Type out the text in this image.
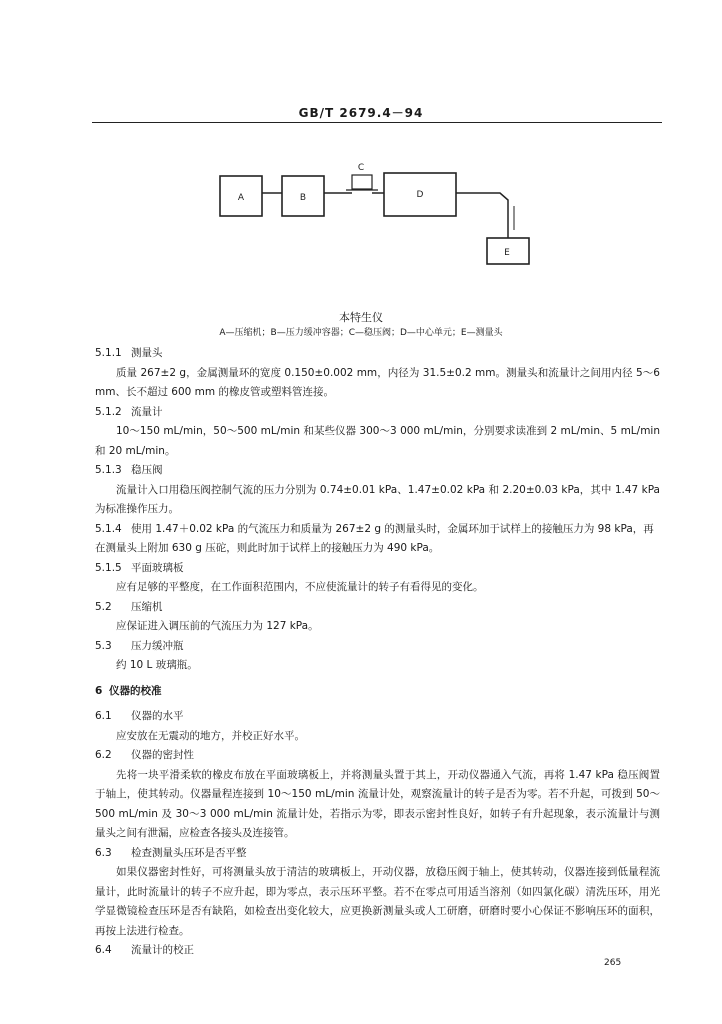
GB/T 2679.4－94
A	B
C
D
E
本特生仪
A—压缩机；B—压力缓冲容器；C—稳压阀；D—中心单元；E—测量头

5.1.1 测量头

质量 267±2 g，金属测量环的宽度 0.150±0.002 mm，内径为 31.5±0.2 mm。测量头和流量计之间用内径 5～6 mm、长不超过 600 mm 的橡皮管或塑料管连接。

5.1.2 流量计

10～150 mL/min，50～500 mL/min 和某些仪器 300～3 000 mL/min，分别要求读准到 2 mL/min、5 mL/min 和 20 mL/min。

5.1.3 稳压阀

流量计入口用稳压阀控制气流的压力分别为 0.74±0.01 kPa、1.47±0.02 kPa 和 2.20±0.03 kPa，其中 1.47 kPa 为标准操作压力。

5.1.4 使用 1.47＋0.02 kPa 的气流压力和质量为 267±2 g 的测量头时，金属环加于试样上的接触压力为 98 kPa，再在测量头上附加 630 g 压砣，则此时加于试样上的接触压力为 490 kPa。

5.1.5 平面玻璃板

应有足够的平整度，在工作面积范围内，不应使流量计的转子有看得见的变化。

5.2 压缩机

应保证进入调压前的气流压力为 127 kPa。

5.3 压力缓冲瓶

约 10 L 玻璃瓶。

6 仪器的校准

6.1 仪器的水平

应安放在无震动的地方，并校正好水平。

6.2 仪器的密封性

先将一块平滑柔软的橡皮布放在平面玻璃板上，并将测量头置于其上，开动仪器通入气流，再将 1.47 kPa 稳压阀置于轴上，使其转动。仪器量程连接到 10～150 mL/min 流量计处，观察流量计的转子是否为零。若不升起，可拨到 50～500 mL/min 及 30～3 000 mL/min 流量计处，若指示为零，即表示密封性良好，如转子有升起现象，表示流量计与测量头之间有泄漏，应检查各接头及连接管。

6.3 检查测量头压环是否平整

如果仪器密封性好，可将测量头放于清洁的玻璃板上，开动仪器，放稳压阀于轴上，使其转动，仪器连接到低量程流量计，此时流量计的转子不应升起，即为零点，表示压环平整。若不在零点可用适当溶剂（如四氯化碳）清洗压环，用光学显微镜检查压环是否有缺陷，如检查出变化较大，应更换新测量头或人工研磨，研磨时要小心保证不影响压环的面积，再按上法进行检查。

6.4 流量计的校正

265
